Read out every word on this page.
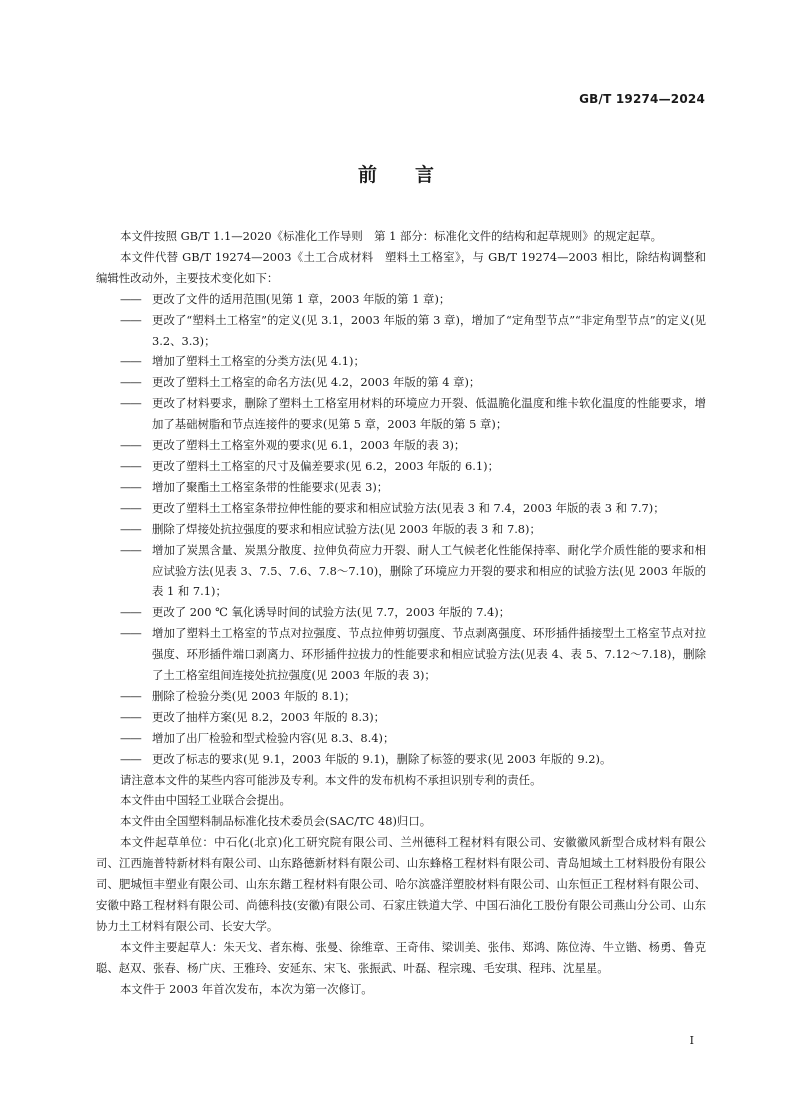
GB/T 19274—2024
前 言

本文件按照 GB/T 1.1—2020《标准化工作导则　第 1 部分：标准化文件的结构和起草规则》的规定起草。

本文件代替 GB/T 19274—2003《土工合成材料　塑料土工格室》，与 GB/T 19274—2003 相比，除结构调整和编辑性改动外，主要技术变化如下：

—— 更改了文件的适用范围(见第 1 章，2003 年版的第 1 章)；

—— 更改了“塑料土工格室”的定义(见 3.1，2003 年版的第 3 章)，增加了“定角型节点”“非定角型节点”的定义(见 3.2、3.3)；

—— 增加了塑料土工格室的分类方法(见 4.1)；

—— 更改了塑料土工格室的命名方法(见 4.2，2003 年版的第 4 章)；

—— 更改了材料要求，删除了塑料土工格室用材料的环境应力开裂、低温脆化温度和维卡软化温度的性能要求，增加了基础树脂和节点连接件的要求(见第 5 章，2003 年版的第 5 章)；

—— 更改了塑料土工格室外观的要求(见 6.1，2003 年版的表 3)；

—— 更改了塑料土工格室的尺寸及偏差要求(见 6.2，2003 年版的 6.1)；

—— 增加了聚酯土工格室条带的性能要求(见表 3)；

—— 更改了塑料土工格室条带拉伸性能的要求和相应试验方法(见表 3 和 7.4，2003 年版的表 3 和 7.7)；

—— 删除了焊接处抗拉强度的要求和相应试验方法(见 2003 年版的表 3 和 7.8)；

—— 增加了炭黑含量、炭黑分散度、拉伸负荷应力开裂、耐人工气候老化性能保持率、耐化学介质性能的要求和相应试验方法(见表 3、7.5、7.6、7.8～7.10)，删除了环境应力开裂的要求和相应的试验方法(见 2003 年版的表 1 和 7.1)；

—— 更改了 200 ℃ 氧化诱导时间的试验方法(见 7.7，2003 年版的 7.4)；

—— 增加了塑料土工格室的节点对拉强度、节点拉伸剪切强度、节点剥离强度、环形插件插接型土工格室节点对拉强度、环形插件端口剥离力、环形插件拉拔力的性能要求和相应试验方法(见表 4、表 5、7.12～7.18)，删除了土工格室组间连接处抗拉强度(见 2003 年版的表 3)；

—— 删除了检验分类(见 2003 年版的 8.1)；

—— 更改了抽样方案(见 8.2，2003 年版的 8.3)；

—— 增加了出厂检验和型式检验内容(见 8.3、8.4)；

—— 更改了标志的要求(见 9.1，2003 年版的 9.1)，删除了标签的要求(见 2003 年版的 9.2)。

请注意本文件的某些内容可能涉及专利。本文件的发布机构不承担识别专利的责任。

本文件由中国轻工业联合会提出。

本文件由全国塑料制品标准化技术委员会(SAC/TC 48)归口。

本文件起草单位：中石化(北京)化工研究院有限公司、兰州德科工程材料有限公司、安徽徽风新型合成材料有限公司、江西施普特新材料有限公司、山东路德新材料有限公司、山东蜂格工程材料有限公司、青岛旭域土工材料股份有限公司、肥城恒丰塑业有限公司、山东东鍇工程材料有限公司、哈尔滨盛洋塑胶材料有限公司、山东恒正工程材料有限公司、安徽中路工程材料有限公司、尚德科技(安徽)有限公司、石家庄铁道大学、中国石油化工股份有限公司燕山分公司、山东协力土工材料有限公司、长安大学。

本文件主要起草人：朱天戈、者东梅、张曼、徐维章、王奇伟、梁训美、张伟、郑鸿、陈位涛、牛立锴、杨勇、鲁克聪、赵双、张春、杨广庆、王雅玲、安延东、宋飞、张振武、叶磊、程宗瑰、毛安琪、程玮、沈星星。

本文件于 2003 年首次发布，本次为第一次修订。

I
